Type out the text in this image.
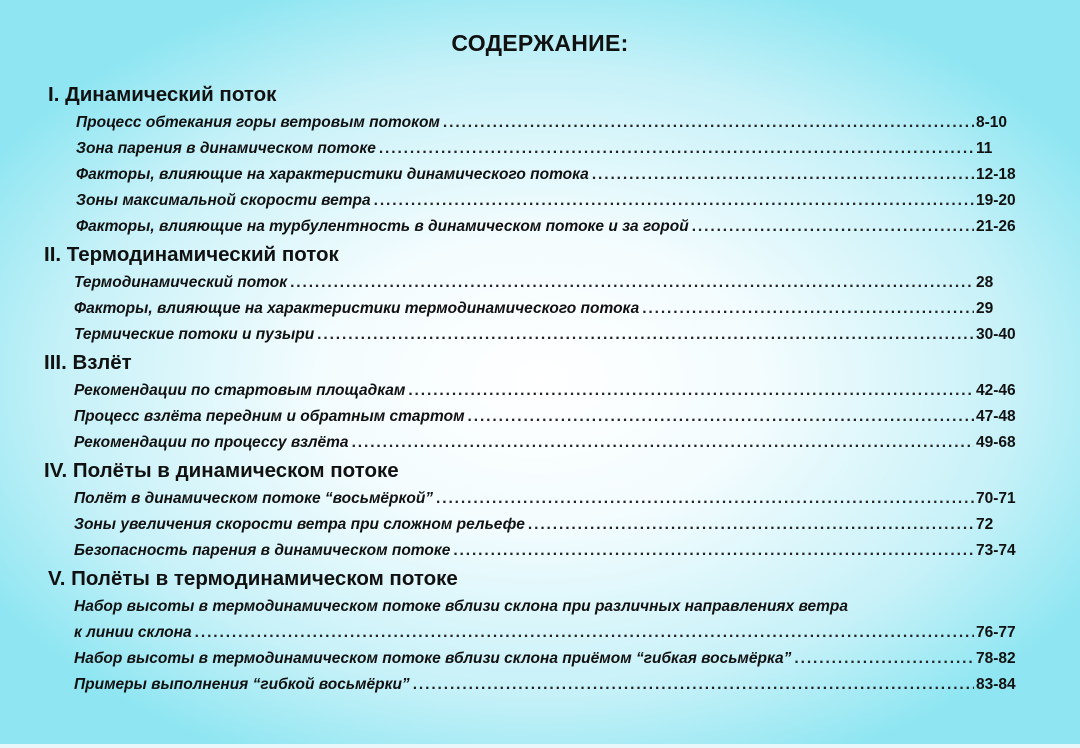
СОДЕРЖАНИЕ:
I. Динамический поток
Процесс обтекания горы ветровым потоком . . .	8-10
Зона парения в динамическом потоке . . .	11
Факторы, влияющие на характеристики динамического потока . . .	12-18
Зоны максимальной скорости ветра . . .	19-20
Факторы, влияющие на турбулентность в динамическом потоке и за горой . . .	21-26
II. Термодинамический поток
Термодинамический поток . . .	28
Факторы, влияющие на характеристики термодинамического потока . . .	29
Термические потоки и пузыри . . .	30-40
III. Взлёт
Рекомендации по стартовым площадкам . . .	42-46
Процесс взлёта передним и обратным стартом . . .	47-48
Рекомендации по процессу взлёта . . .	49-68
IV. Полёты в динамическом потоке
Полёт в динамическом потоке “восьмёркой” . . .	70-71
Зоны увеличения скорости ветра при сложном рельефе . . .	72
Безопасность парения в динамическом потоке . . .	73-74
V. Полёты в термодинамическом потоке
Набор высоты в термодинамическом потоке вблизи склона при различных направлениях ветра
к линии склона . . .	76-77
Набор высоты в термодинамическом потоке вблизи склона приёмом “гибкая восьмёрка” . . .	78-82
Примеры выполнения “гибкой восьмёрки” . . .	83-84
